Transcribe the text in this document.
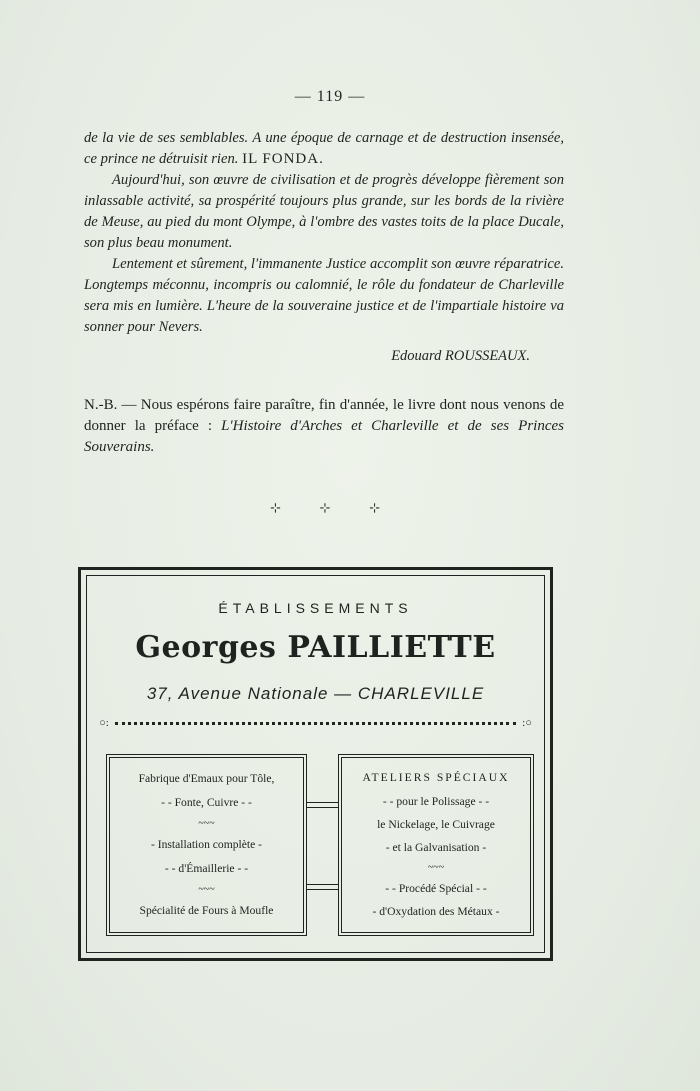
— 119 —

de la vie de ses semblables. A une époque de carnage et de destruction insensée, ce prince ne détruisit rien. IL FONDA.

Aujourd'hui, son œuvre de civilisation et de progrès développe fièrement son inlassable activité, sa prospérité toujours plus grande, sur les bords de la rivière de Meuse, au pied du mont Olympe, à l'ombre des vastes toits de la place Ducale, son plus beau monument.

Lentement et sûrement, l'immanente Justice accomplit son œuvre réparatrice. Longtemps méconnu, incompris ou calomnié, le rôle du fondateur de Charleville sera mis en lumière. L'heure de la souveraine justice et de l'impartiale histoire va sonner pour Nevers.

Edouard ROUSSEAUX.
N.-B. — Nous espérons faire paraître, fin d'année, le livre dont nous venons de donner la préface : L'Histoire d'Arches et Charleville et de ses Princes Souverains.
⊹	⊹	⊹
ÉTABLISSEMENTS
Georges PAILLIETTE
37, Avenue Nationale — CHARLEVILLE
○:	:○
Fabrique d'Emaux pour Tôle,
- - Fonte, Cuivre - -
~~~
- Installation complète -
- - d'Émaillerie - -
~~~
Spécialité de Fours à Moufle
ATELIERS SPÉCIAUX
- - pour le Polissage - -
le Nickelage, le Cuivrage
- et la Galvanisation -
~~~
- - Procédé Spécial - -
- d'Oxydation des Métaux -
